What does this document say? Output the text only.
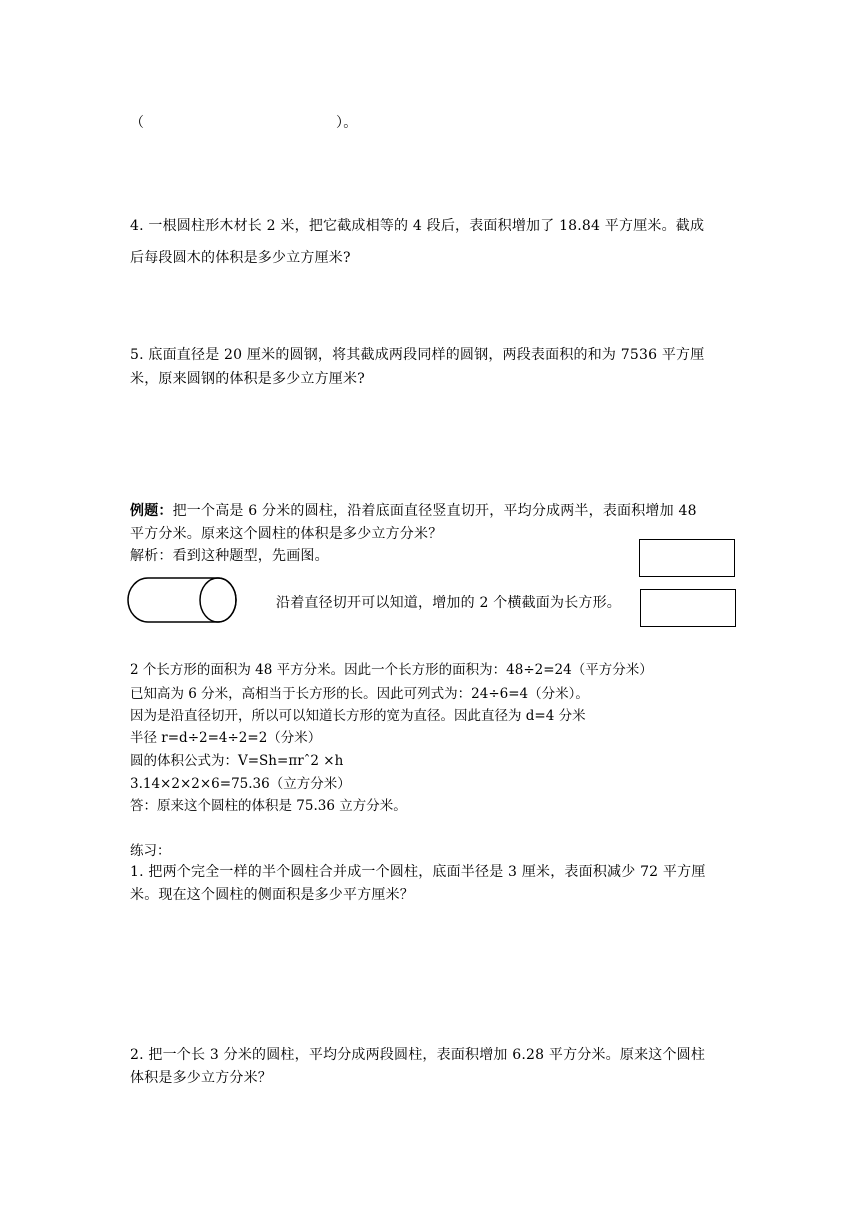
（	）。
4. 一根圆柱形木材长 2 米，把它截成相等的 4 段后，表面积增加了 18.84 平方厘米。截成
后每段圆木的体积是多少立方厘米?
5. 底面直径是 20 厘米的圆钢，将其截成两段同样的圆钢，两段表面积的和为 7536 平方厘
米，原来圆钢的体积是多少立方厘米?
例题：把一个高是 6 分米的圆柱，沿着底面直径竖直切开，平均分成两半，表面积增加 48
平方分米。原来这个圆柱的体积是多少立方分米？
解析：看到这种题型，先画图。
沿着直径切开可以知道，增加的 2 个横截面为长方形。
2 个长方形的面积为 48 平方分米。因此一个长方形的面积为：48÷2=24（平方分米）
已知高为 6 分米，高相当于长方形的长。因此可列式为：24÷6=4（分米）。
因为是沿直径切开，所以可以知道长方形的宽为直径。因此直径为 d=4 分米
半径 r=d÷2=4÷2=2（分米）
圆的体积公式为：V=Sh=πrˆ2 ×h
3.14×2×2×6=75.36（立方分米）
答：原来这个圆柱的体积是 75.36 立方分米。
练习：
1. 把两个完全一样的半个圆柱合并成一个圆柱，底面半径是 3 厘米，表面积减少 72 平方厘
米。现在这个圆柱的侧面积是多少平方厘米？
2. 把一个长 3 分米的圆柱，平均分成两段圆柱，表面积增加 6.28 平方分米。原来这个圆柱
体积是多少立方分米？
